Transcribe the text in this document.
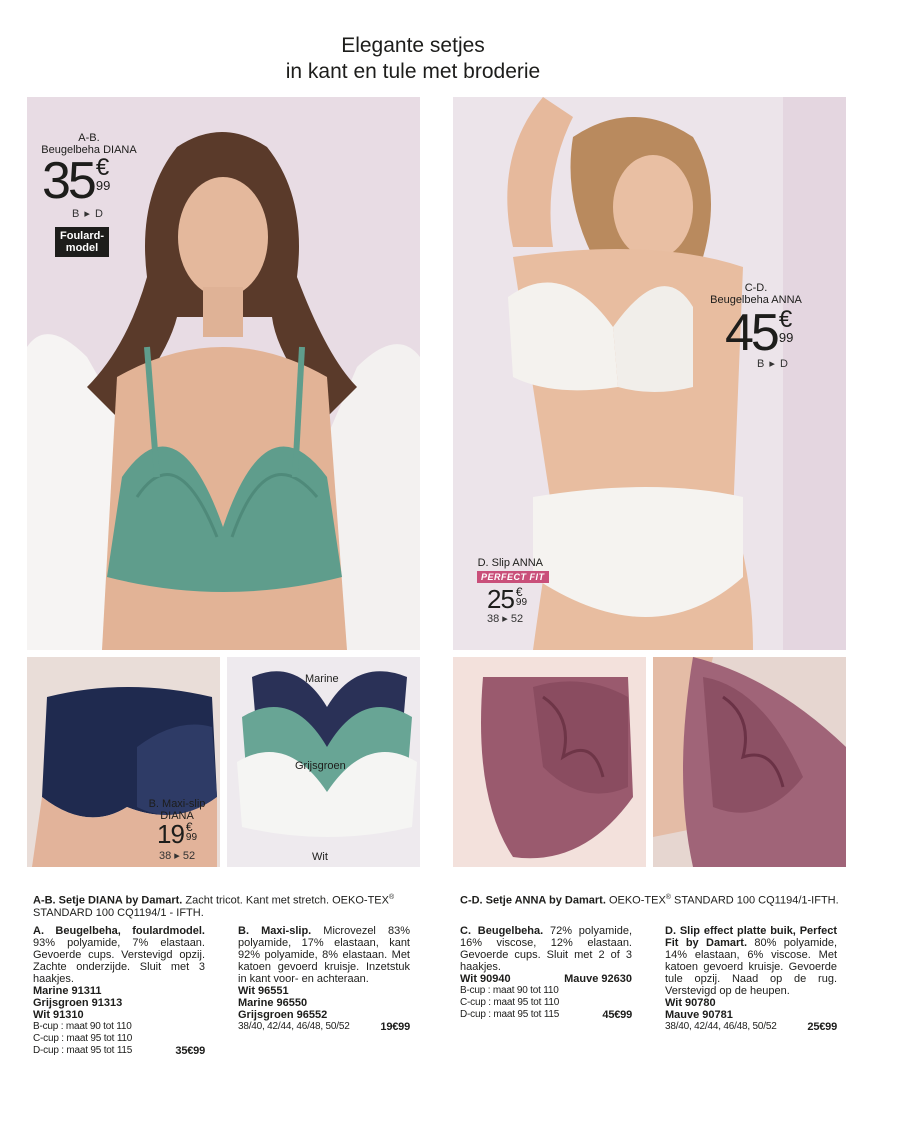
Elegante setjes
in kant en tule met broderie
A-B.
Beugelbeha DIANA
35 €
99
B ▸ D
Foulard-
model
C-D.
Beugelbeha ANNA
45 €
99
B ▸ D
D. Slip ANNA
PERFECT FIT
25 €
99
38 ▸ 52
B. Maxi-slip
DIANA
19 €
99
38 ▸ 52
Marine
Grijsgroen
Wit
A-B. Setje DIANA by Damart. Zacht tricot. Kant met stretch. OEKO-TEX®
STANDARD 100 CQ1194/1 - IFTH.
A. Beugelbeha, foulardmodel. 93% polyamide, 7% elastaan. Gevoerde cups. Verstevigd opzij. Zachte onderzijde. Sluit met 3 haakjes.
Marine 91311
Grijsgroen 91313
Wit 91310
B-cup : maat 90 tot 110
C-cup : maat 95 tot 110
D-cup : maat 95 tot 115	35€99
B. Maxi-slip. Microvezel 83% polyamide, 17% elastaan, kant 92% polyamide, 8% elastaan. Met katoen gevoerd kruisje. Inzetstuk in kant voor- en achteraan.
Wit 96551
Marine 96550
Grijsgroen 96552
38/40, 42/44, 46/48, 50/52	19€99
C-D. Setje ANNA by Damart. OEKO-TEX® STANDARD 100 CQ1194/1-IFTH.
C. Beugelbeha. 72% polyamide, 16% viscose, 12% elastaan. Gevoerde cups. Sluit met 2 of 3 haakjes.
Wit 90940	Mauve 92630
B-cup : maat 90 tot 110
C-cup : maat 95 tot 110
D-cup : maat 95 tot 115	45€99
D. Slip effect platte buik, Perfect Fit by Damart. 80% polyamide, 14% elastaan, 6% viscose. Met katoen gevoerd kruisje. Gevoerde tule opzij. Naad op de rug. Verstevigd op de heupen.
Wit 90780
Mauve 90781
38/40, 42/44, 46/48, 50/52	25€99
